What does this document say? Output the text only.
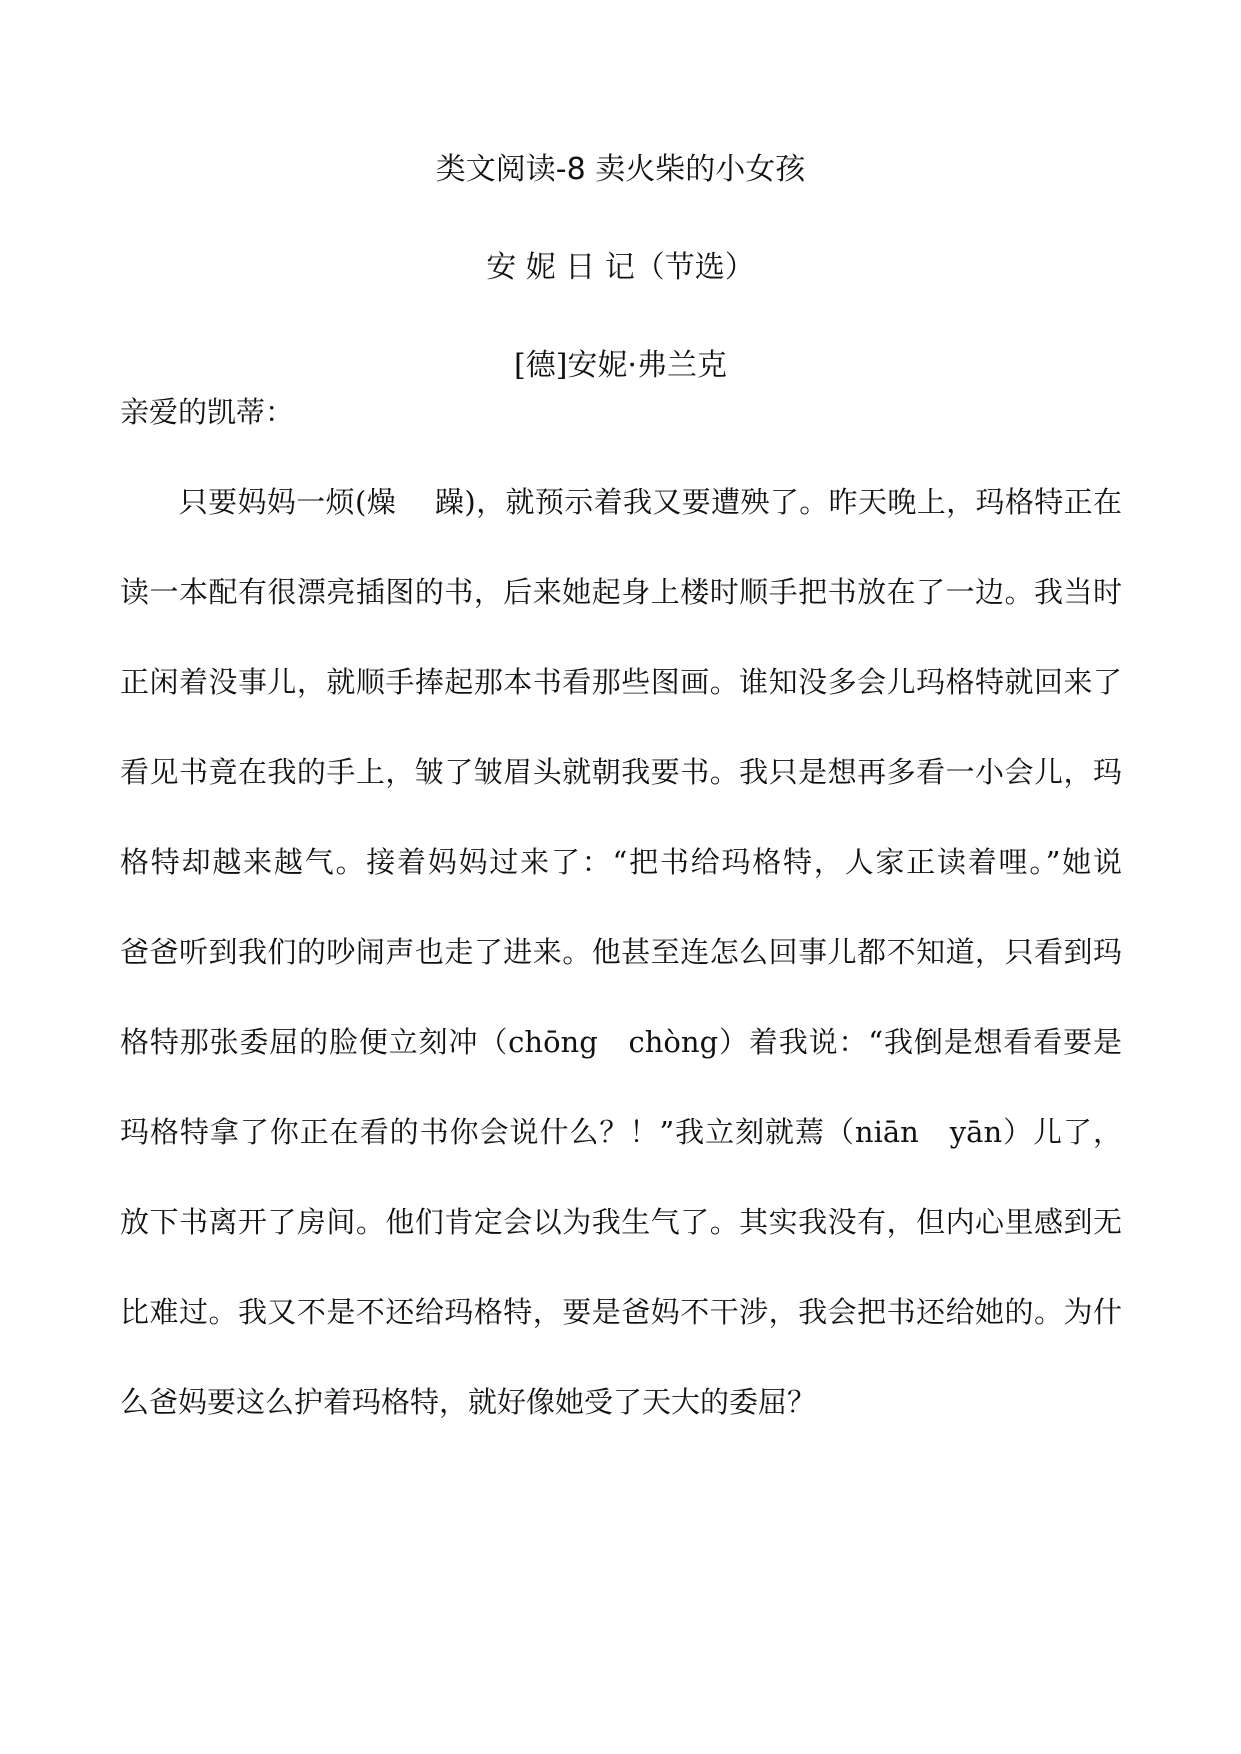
类文阅读-8 卖火柴的小女孩
安 妮 日 记（节选）
[德]安妮·弗兰克
亲爱的凯蒂：
　　只要妈妈一烦(燥　 躁)，就预示着我又要遭殃了。昨天晚上，玛格特正在
读一本配有很漂亮插图的书，后来她起身上楼时顺手把书放在了一边。我当时
正闲着没事儿，就顺手捧起那本书看那些图画。谁知没多会儿玛格特就回来了
看见书竟在我的手上，皱了皱眉头就朝我要书。我只是想再多看一小会儿，玛
格特却越来越气。接着妈妈过来了：“把书给玛格特，人家正读着哩。”她说
爸爸听到我们的吵闹声也走了进来。他甚至连怎么回事儿都不知道，只看到玛
格特那张委屈的脸便立刻冲（chōng　chòng）着我说：“我倒是想看看要是
玛格特拿了你正在看的书你会说什么？！”我立刻就蔫（niān　yān）儿了，
放下书离开了房间。他们肯定会以为我生气了。其实我没有，但内心里感到无
比难过。我又不是不还给玛格特，要是爸妈不干涉，我会把书还给她的。为什
么爸妈要这么护着玛格特，就好像她受了天大的委屈？
